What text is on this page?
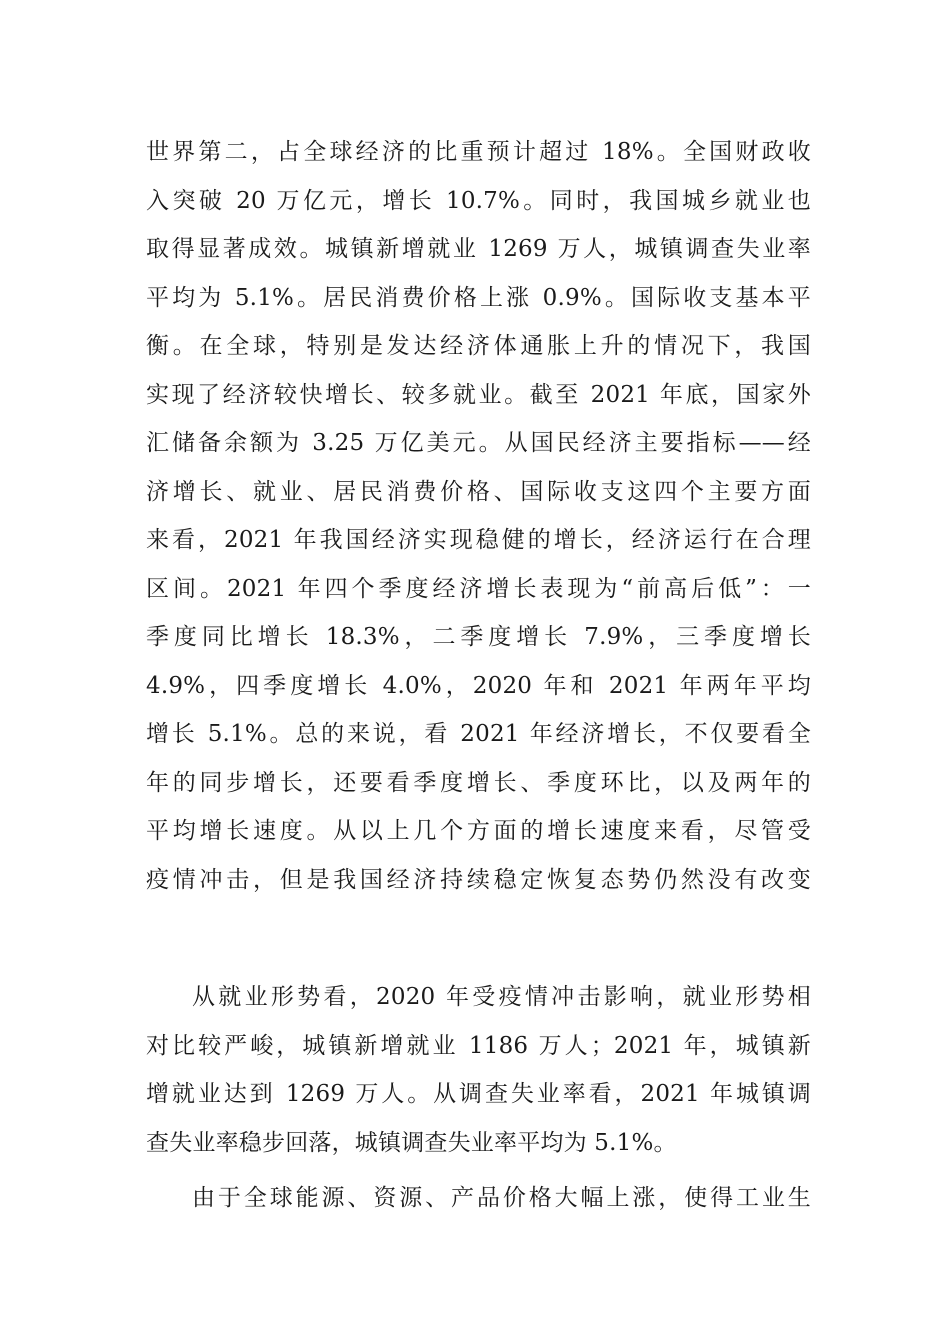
世界第二，占全球经济的比重预计超过 18%。全国财政收
入突破 20 万亿元，增长 10.7%。同时，我国城乡就业也
取得显著成效。城镇新增就业 1269 万人，城镇调查失业率
平均为 5.1%。居民消费价格上涨 0.9%。国际收支基本平
衡。在全球，特别是发达经济体通胀上升的情况下，我国
实现了经济较快增长、较多就业。截至 2021 年底，国家外
汇储备余额为 3.25 万亿美元。从国民经济主要指标——经
济增长、就业、居民消费价格、国际收支这四个主要方面
来看，2021 年我国经济实现稳健的增长，经济运行在合理
区间。2021 年四个季度经济增长表现为“前高后低”：一
季度同比增长 18.3%，二季度增长 7.9%，三季度增长
4.9%，四季度增长 4.0%，2020 年和 2021 年两年平均
增长 5.1%。总的来说，看 2021 年经济增长，不仅要看全
年的同步增长，还要看季度增长、季度环比，以及两年的
平均增长速度。从以上几个方面的增长速度来看，尽管受
疫情冲击，但是我国经济持续稳定恢复态势仍然没有改变
从就业形势看，2020 年受疫情冲击影响，就业形势相
对比较严峻，城镇新增就业 1186 万人；2021 年，城镇新
增就业达到 1269 万人。从调查失业率看，2021 年城镇调
查失业率稳步回落，城镇调查失业率平均为 5.1%。
由于全球能源、资源、产品价格大幅上涨，使得工业生
